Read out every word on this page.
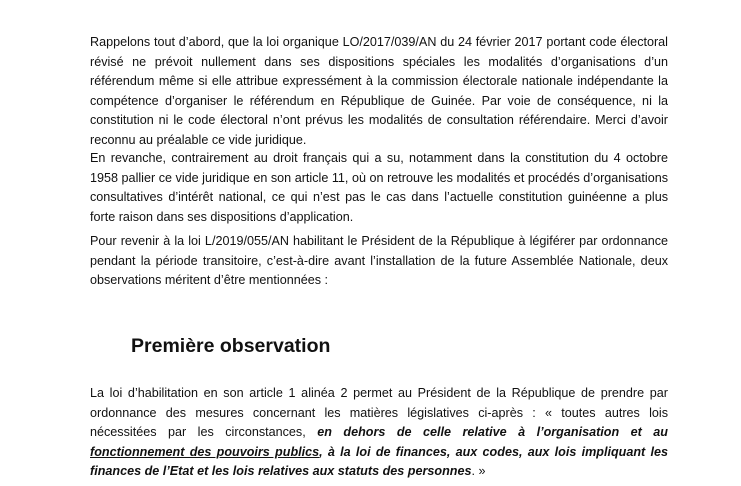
Rappelons tout d’abord, que la loi organique LO/2017/039/AN du 24 février 2017 portant code électoral révisé ne prévoit nullement dans ses dispositions spéciales les modalités d’organisations d’un référendum même si elle attribue expressément à la commission électorale nationale indépendante la compétence d’organiser le référendum en République de Guinée. Par voie de conséquence, ni la constitution ni le code électoral n’ont prévus les modalités de consultation référendaire. Merci d’avoir reconnu au préalable ce vide juridique.

En revanche, contrairement au droit français qui a su, notamment dans la constitution du 4 octobre 1958 pallier ce vide juridique en son article 11, où on retrouve les modalités et procédés d’organisations consultatives d’intérêt national, ce qui n’est pas le cas dans l’actuelle constitution guinéenne a plus forte raison dans ses dispositions d’application.

Pour revenir à la loi L/2019/055/AN habilitant le Président de la République à légiférer par ordonnance pendant la période transitoire, c’est-à-dire avant l’installation de la future Assemblée Nationale, deux observations méritent d’être mentionnées :

Première observation

La loi d’habilitation en son article 1 alinéa 2 permet au Président de la République de prendre par ordonnance des mesures concernant les matières législatives ci-après : « toutes autres lois nécessitées par les circonstances, en dehors de celle relative à l’organisation et au fonctionnement des pouvoirs publics, à la loi de finances, aux codes, aux lois impliquant les finances de l’Etat et les lois relatives aux statuts des personnes. »
